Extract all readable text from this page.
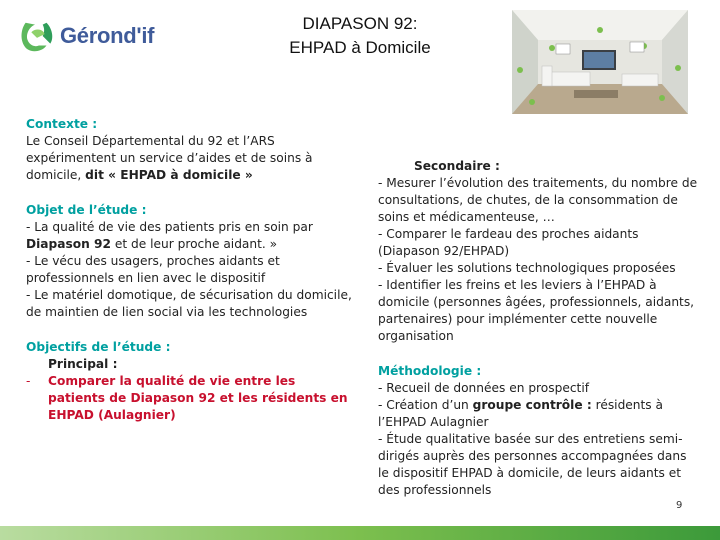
Gérond'if	DIAPASON 92:
EHPAD à Domicile
Contexte :
Le Conseil Départemental du 92 et l’ARS expérimentent un service d’aides et de soins à domicile, dit « EHPAD à domicile »
Objet de l’étude :
- La qualité de vie des patients pris en soin par Diapason 92 et de leur proche aidant. »
- Le vécu des usagers, proches aidants et professionnels en lien avec le dispositif
- Le matériel domotique, de sécurisation du domicile, de maintien de lien social via les technologies
Objectifs de l’étude :
Principal :
-	Comparer la qualité de vie entre les patients de Diapason 92 et les résidents en EHPAD (Aulagnier)
Secondaire :
- Mesurer l’évolution des traitements, du nombre de consultations, de chutes, de la consommation de soins et médicamenteuse, …
- Comparer le fardeau des proches aidants (Diapason 92/EHPAD)
- Évaluer les solutions technologiques proposées
- Identifier les freins et les leviers à l’EHPAD à domicile (personnes âgées, professionnels, aidants, partenaires) pour implémenter cette nouvelle organisation
Méthodologie :
- Recueil de données en prospectif
- Création d’un groupe contrôle : résidents à l’EHPAD Aulagnier
- Étude qualitative basée sur des entretiens semi-dirigés auprès des personnes accompagnées dans le dispositif EHPAD à domicile, de leurs aidants et des professionnels
9
